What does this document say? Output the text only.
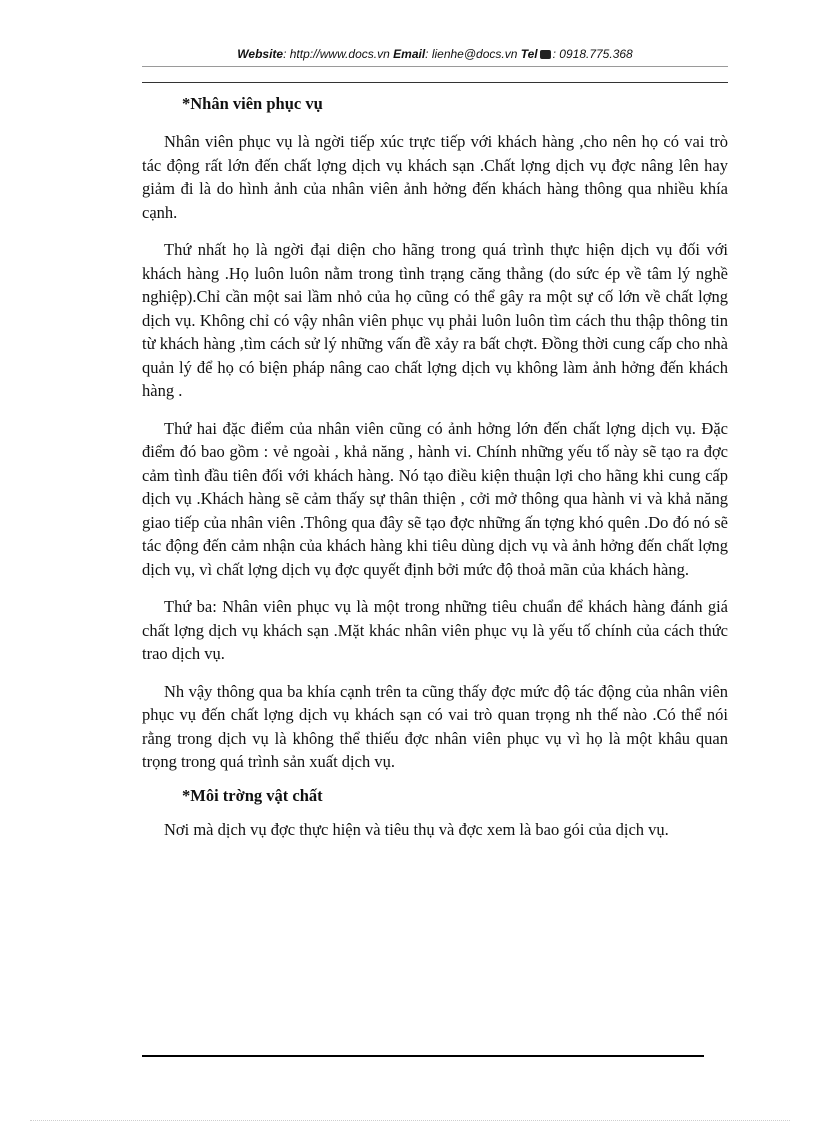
Website: http://www.docs.vn Email: lienhe@docs.vn Tel : 0918.775.368

*Nhân viên phục vụ

Nhân viên phục vụ là ngời tiếp xúc trực tiếp với khách hàng ,cho nên họ có vai trò tác động rất lớn đến chất lợng dịch vụ khách sạn .Chất lợng dịch vụ đợc nâng lên hay giảm đi là do hình ảnh của nhân viên ảnh hởng đến khách hàng thông qua nhiều khía cạnh.

Thứ nhất họ là ngời đại diện cho hãng trong quá trình thực hiện dịch vụ đối với khách hàng .Họ luôn luôn nằm trong tình trạng căng thẳng (do sức ép về tâm lý nghề nghiệp).Chỉ cần một sai lầm nhỏ của họ cũng có thể gây ra một sự cố lớn về chất lợng dịch vụ. Không chỉ có vậy nhân viên phục vụ phải luôn luôn tìm cách thu thập thông tin từ khách hàng ,tìm cách sử lý những vấn đề xảy ra bất chợt. Đồng thời cung cấp cho nhà quản lý để họ có biện pháp nâng cao chất lợng dịch vụ không làm ảnh hởng đến khách hàng .

Thứ hai đặc điểm của nhân viên cũng có ảnh hởng lớn đến chất lợng dịch vụ. Đặc điểm đó bao gồm : vẻ ngoài , khả năng , hành vi. Chính những yếu tố này sẽ tạo ra đợc cảm tình đầu tiên đối với khách hàng. Nó tạo điều kiện thuận lợi cho hãng khi cung cấp dịch vụ .Khách hàng sẽ cảm thấy sự thân thiện , cởi mở thông qua hành vi và khả năng giao tiếp của nhân viên .Thông qua đây sẽ tạo đợc những ấn tợng khó quên .Do đó nó sẽ tác động đến cảm nhận của khách hàng khi tiêu dùng dịch vụ và ảnh hởng đến chất lợng dịch vụ, vì chất lợng dịch vụ đợc quyết định bởi mức độ thoả mãn của khách hàng.

Thứ ba: Nhân viên phục vụ là một trong những tiêu chuẩn để khách hàng đánh giá chất lợng dịch vụ khách sạn .Mặt khác nhân viên phục vụ là yếu tố chính của cách thức trao dịch vụ.

Nh vậy thông qua ba khía cạnh trên ta cũng thấy đợc mức độ tác động của nhân viên phục vụ đến chất lợng dịch vụ khách sạn có vai trò quan trọng nh thế nào .Có thể nói rằng trong dịch vụ là không thể thiếu đợc nhân viên phục vụ vì họ là một khâu quan trọng trong quá trình sản xuất dịch vụ.

*Môi trờng vật chất

Nơi mà dịch vụ đợc thực hiện và tiêu thụ và đợc xem là bao gói của dịch vụ.
